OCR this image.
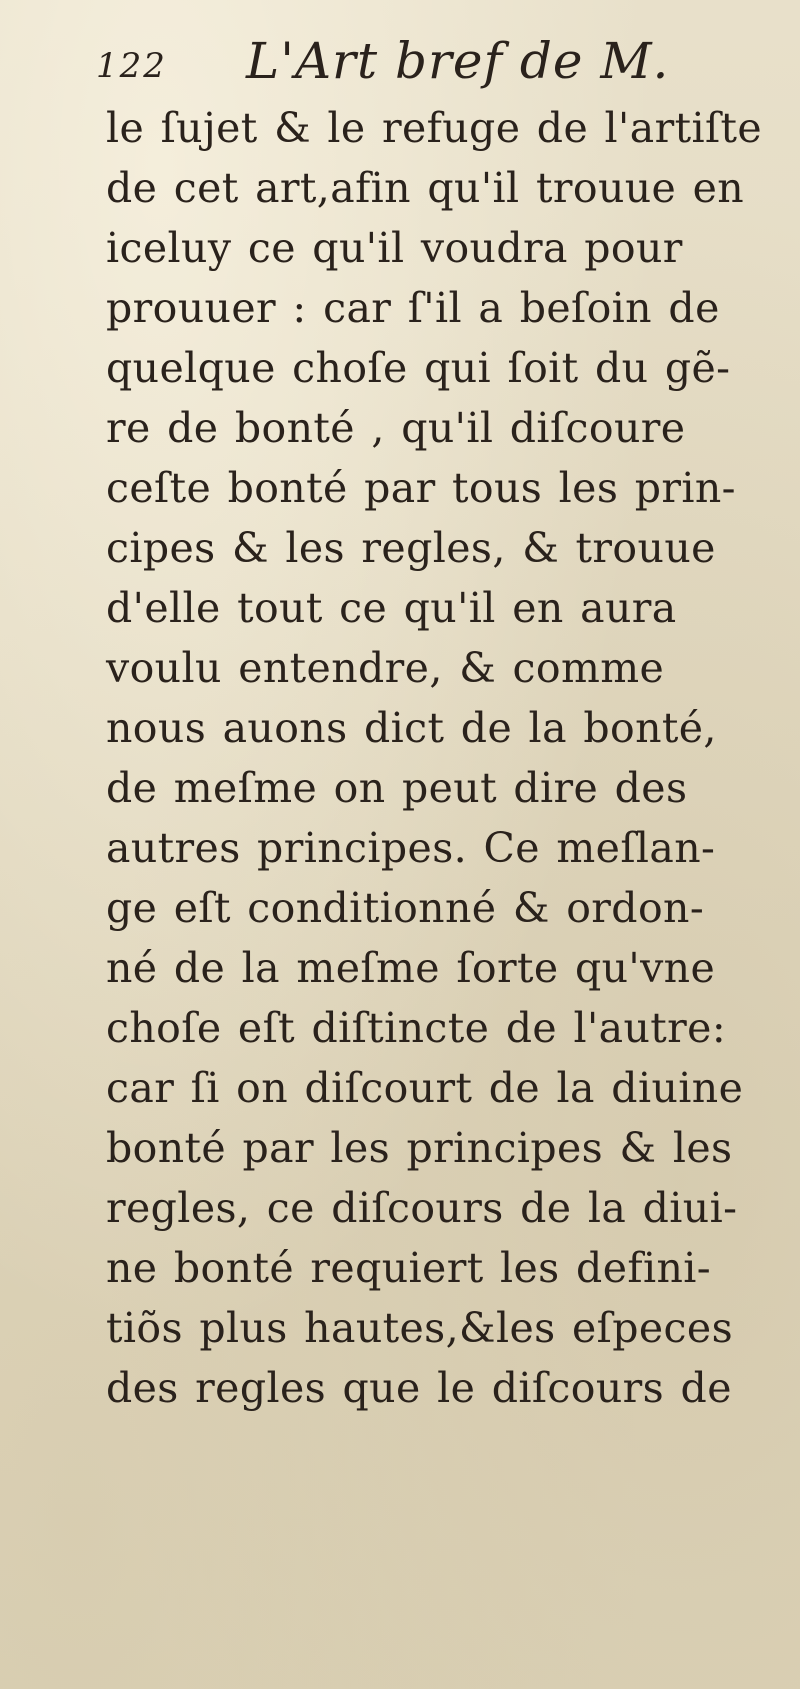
122 L'Art bref de M.
le ſujet & le refuge de l'artiſte
de cet art,afin qu'il trouue en
iceluy ce qu'il voudra pour
prouuer : car ſ'il a beſoin de
quelque choſe qui ſoit du gẽ-
re de bonté , qu'il diſcoure
ceſte bonté par tous les prin-
cipes & les regles, & trouue
d'elle tout ce qu'il en aura
voulu entendre, & comme
nous auons dict de la bonté,
de meſme on peut dire des
autres principes. Ce meſlan-
ge eſt conditionné & ordon-
né de la meſme ſorte qu'vne
choſe eſt diſtincte de l'autre:
car ſi on diſcourt de la diuine
bonté par les principes & les
regles, ce diſcours de la diui-
ne bonté requiert les defini-
tiõs plus hautes,&les eſpeces
des regles que le diſcours de
